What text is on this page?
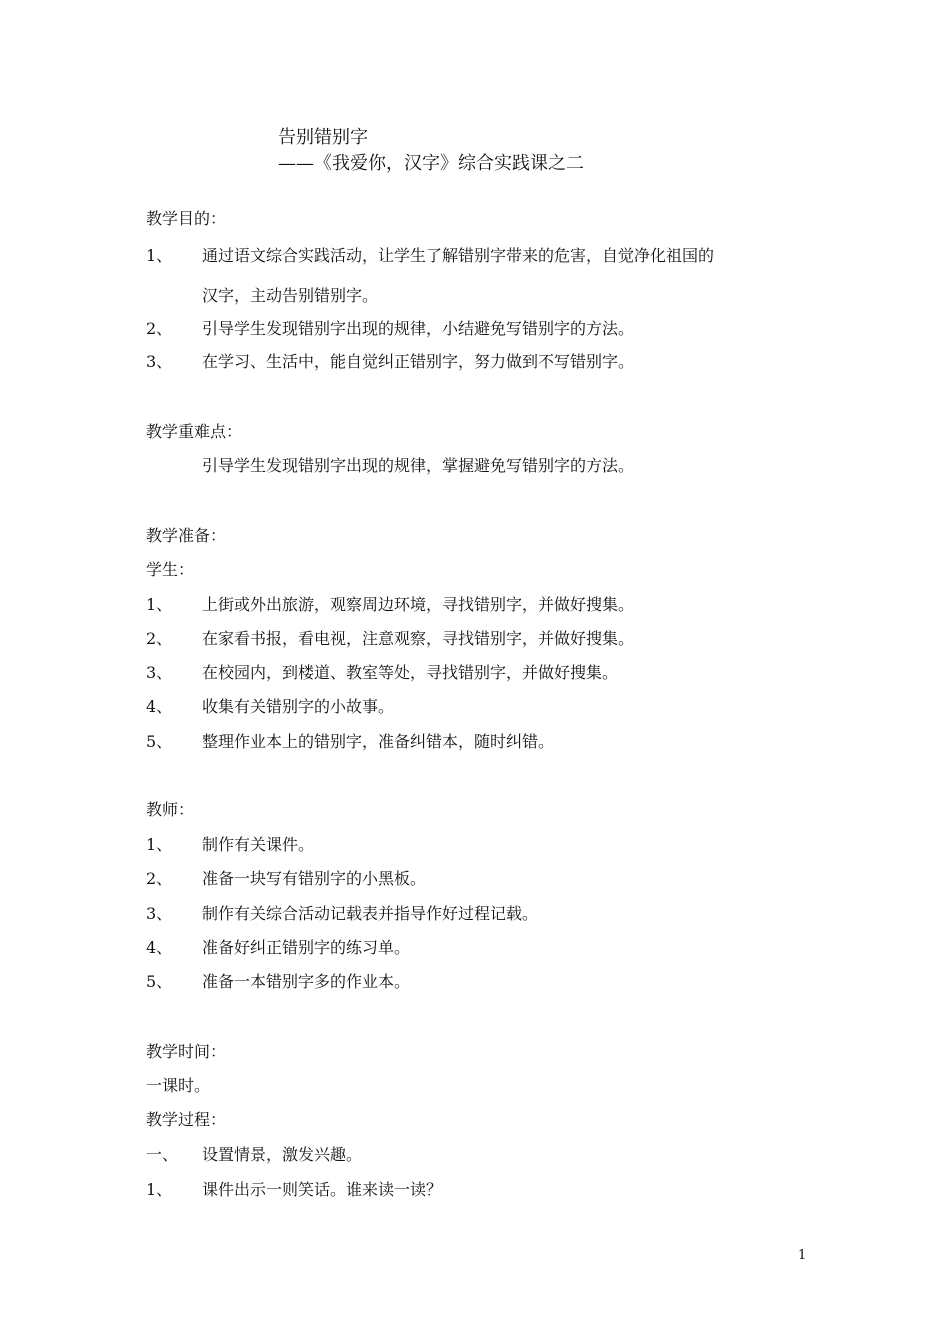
告别错别字
——《我爱你，汉字》综合实践课之二
教学目的：
1、 通过语文综合实践活动，让学生了解错别字带来的危害，自觉净化祖国的
汉字，主动告别错别字。
2、 引导学生发现错别字出现的规律，小结避免写错别字的方法。
3、 在学习、生活中，能自觉纠正错别字，努力做到不写错别字。
教学重难点：
引导学生发现错别字出现的规律，掌握避免写错别字的方法。
教学准备：
学生：
1、 上街或外出旅游，观察周边环境，寻找错别字，并做好搜集。
2、 在家看书报，看电视，注意观察，寻找错别字，并做好搜集。
3、 在校园内，到楼道、教室等处，寻找错别字，并做好搜集。
4、 收集有关错别字的小故事。
5、 整理作业本上的错别字，准备纠错本，随时纠错。
教师：
1、 制作有关课件。
2、 准备一块写有错别字的小黑板。
3、 制作有关综合活动记载表并指导作好过程记载。
4、 准备好纠正错别字的练习单。
5、 准备一本错别字多的作业本。
教学时间：
一课时。
教学过程：
一、 设置情景，激发兴趣。
1、 课件出示一则笑话。谁来读一读？
1
